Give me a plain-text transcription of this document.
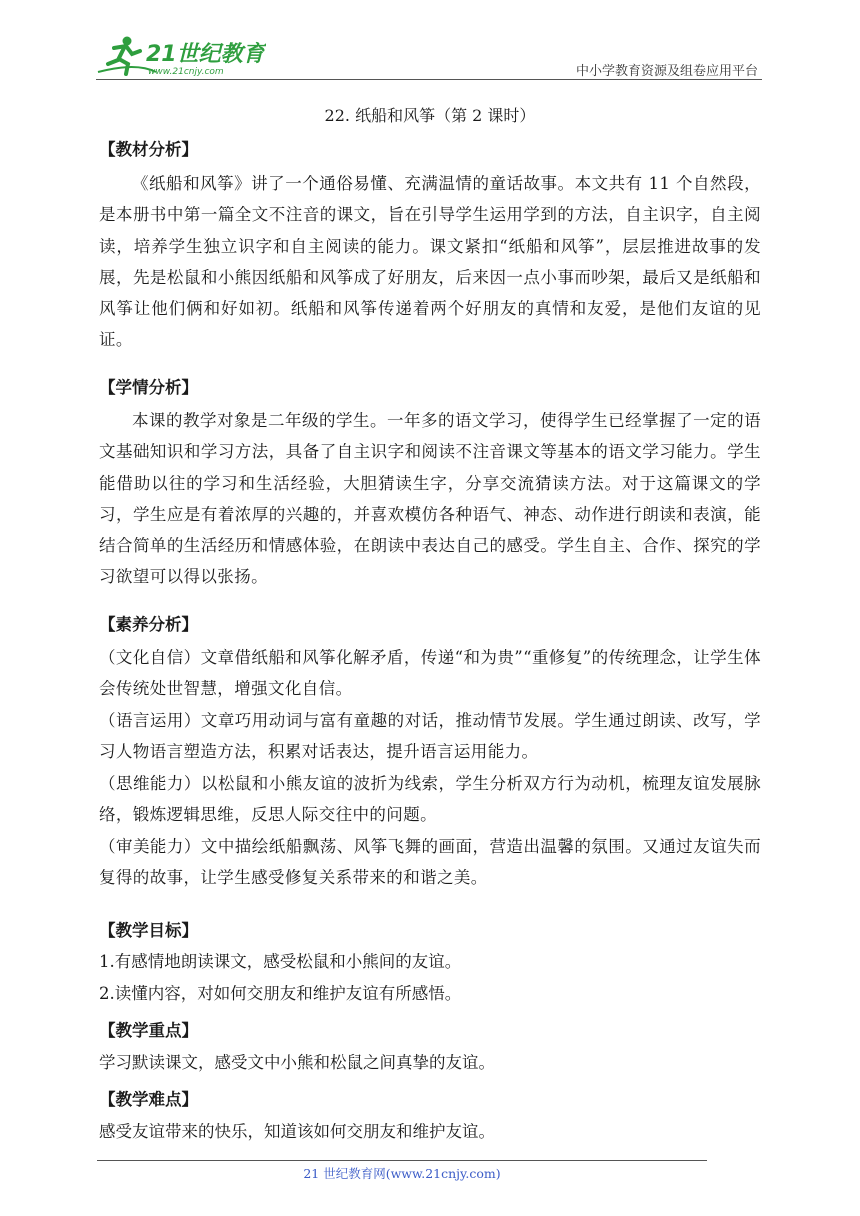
21世纪教育
www.21cnjy.com	中小学教育资源及组卷应用平台
22. 纸船和风筝（第 2 课时）
【教材分析】
《纸船和风筝》讲了一个通俗易懂、充满温情的童话故事。本文共有 11 个自然段，是本册书中第一篇全文不注音的课文，旨在引导学生运用学到的方法，自主识字，自主阅读，培养学生独立识字和自主阅读的能力。课文紧扣“纸船和风筝”，层层推进故事的发展，先是松鼠和小熊因纸船和风筝成了好朋友，后来因一点小事而吵架，最后又是纸船和风筝让他们俩和好如初。纸船和风筝传递着两个好朋友的真情和友爱，是他们友谊的见证。
【学情分析】
本课的教学对象是二年级的学生。一年多的语文学习，使得学生已经掌握了一定的语文基础知识和学习方法，具备了自主识字和阅读不注音课文等基本的语文学习能力。学生能借助以往的学习和生活经验，大胆猜读生字，分享交流猜读方法。对于这篇课文的学习，学生应是有着浓厚的兴趣的，并喜欢模仿各种语气、神态、动作进行朗读和表演，能结合简单的生活经历和情感体验，在朗读中表达自己的感受。学生自主、合作、探究的学习欲望可以得以张扬。
【素养分析】
（文化自信）文章借纸船和风筝化解矛盾，传递“和为贵”“重修复”的传统理念，让学生体会传统处世智慧，增强文化自信。
（语言运用）文章巧用动词与富有童趣的对话，推动情节发展。学生通过朗读、改写，学习人物语言塑造方法，积累对话表达，提升语言运用能力。
（思维能力）以松鼠和小熊友谊的波折为线索，学生分析双方行为动机，梳理友谊发展脉络，锻炼逻辑思维，反思人际交往中的问题。
（审美能力）文中描绘纸船飘荡、风筝飞舞的画面，营造出温馨的氛围。又通过友谊失而复得的故事，让学生感受修复关系带来的和谐之美。
【教学目标】
1.有感情地朗读课文，感受松鼠和小熊间的友谊。
2.读懂内容，对如何交朋友和维护友谊有所感悟。
【教学重点】
学习默读课文，感受文中小熊和松鼠之间真挚的友谊。
【教学难点】
感受友谊带来的快乐，知道该如何交朋友和维护友谊。
21 世纪教育网(www.21cnjy.com)
